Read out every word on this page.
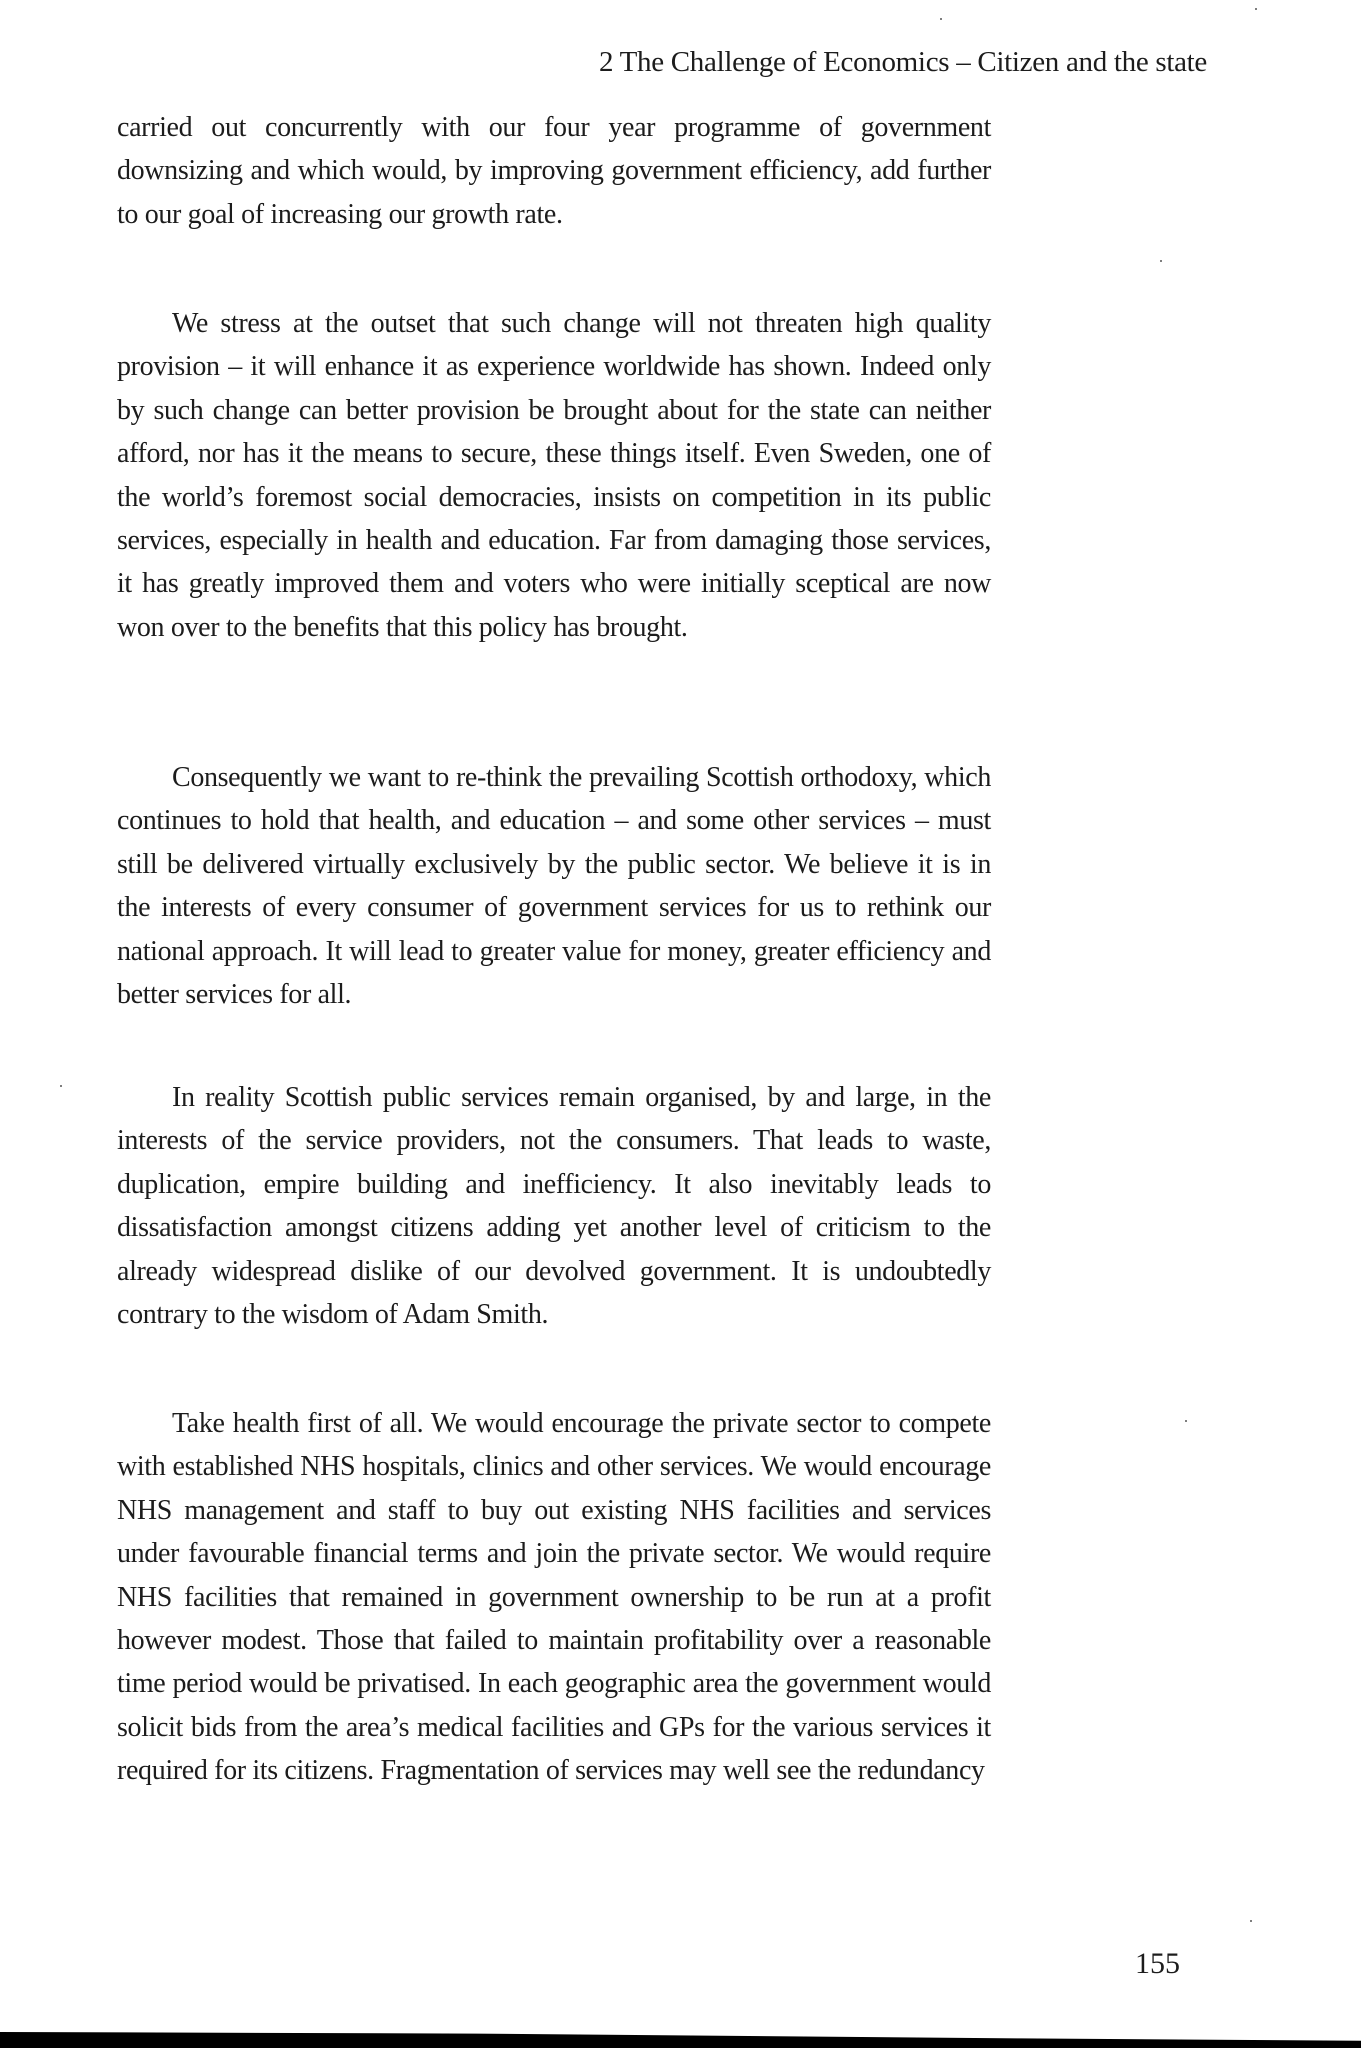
2 The Challenge of Economics – Citizen and the state

carried out concurrently with our four year programme of government downsizing and which would, by improving government efficiency, add further to our goal of increasing our growth rate.

We stress at the outset that such change will not threaten high quality provision – it will enhance it as experience worldwide has shown. Indeed only by such change can better provision be brought about for the state can neither afford, nor has it the means to secure, these things itself. Even Sweden, one of the world’s foremost social democracies, insists on competition in its public services, especially in health and education. Far from damaging those services, it has greatly improved them and voters who were initially sceptical are now won over to the benefits that this policy has brought.

Consequently we want to re-think the prevailing Scottish orthodoxy, which continues to hold that health, and education – and some other services – must still be delivered virtually exclusively by the public sector. We believe it is in the interests of every consumer of government services for us to rethink our national approach. It will lead to greater value for money, greater efficiency and better services for all.

In reality Scottish public services remain organised, by and large, in the interests of the service providers, not the consumers. That leads to waste, duplication, empire building and inefficiency. It also inevitably leads to dissatisfaction amongst citizens adding yet another level of criticism to the already widespread dislike of our devolved government. It is undoubtedly contrary to the wisdom of Adam Smith.

Take health first of all. We would encourage the private sector to compete with established NHS hospitals, clinics and other services. We would encourage NHS management and staff to buy out existing NHS facilities and services under favourable financial terms and join the private sector. We would require NHS facilities that remained in government ownership to be run at a profit however modest. Those that failed to maintain profitability over a reasonable time period would be privatised. In each geographic area the government would solicit bids from the area’s medical facilities and GPs for the various services it required for its citizens. Fragmentation of services may well see the redundancy

155
